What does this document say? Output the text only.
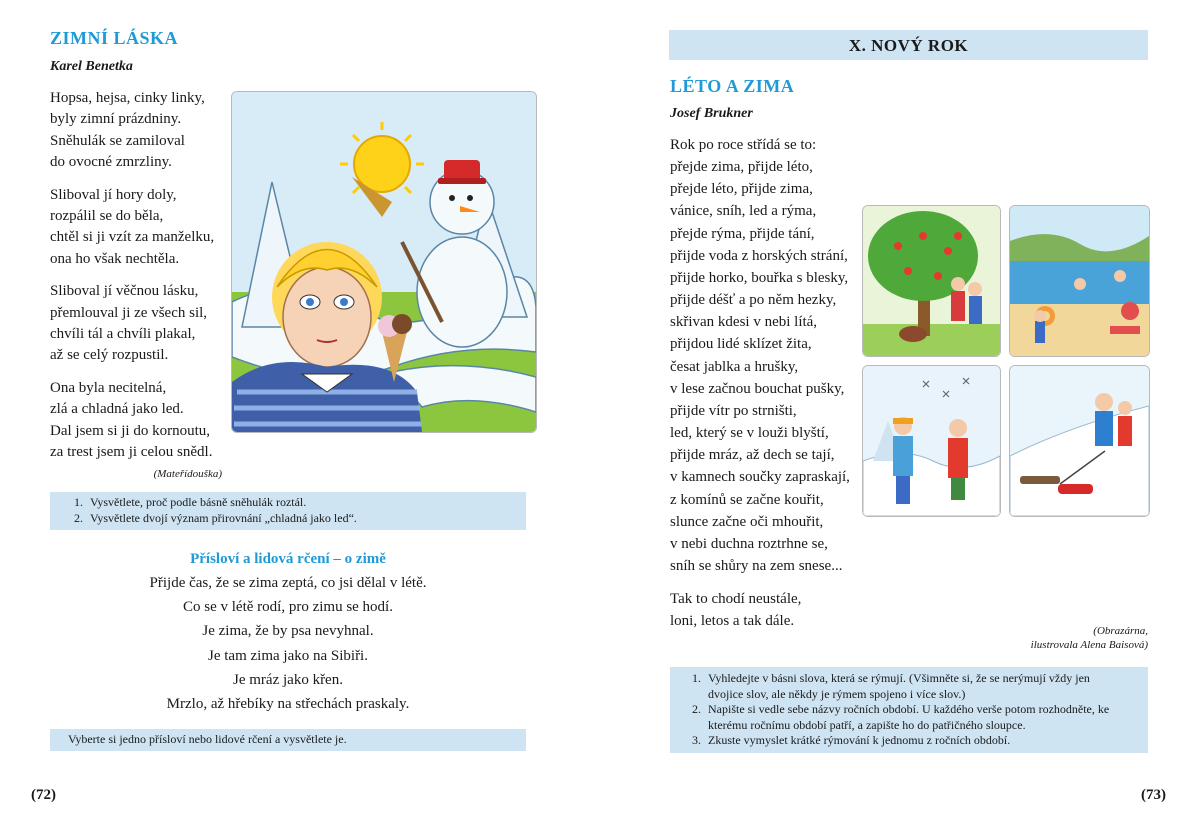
ZIMNÍ LÁSKA
Karel Benetka
Hopsa, hejsa, cinky linky,
byly zimní prázdniny.
Sněhulák se zamiloval
do ovocné zmrzliny.
Sliboval jí hory doly,
rozpálil se do běla,
chtěl si ji vzít za manželku,
ona ho však nechtěla.
Sliboval jí věčnou lásku,
přemlouval ji ze všech sil,
chvíli tál a chvíli plakal,
až se celý rozpustil.
Ona byla necitelná,
zlá a chladná jako led.
Dal jsem si ji do kornoutu,
za trest jsem ji celou snědl.
(Mateřídouška)
1. Vysvětlete, proč podle básně sněhulák roztál.
2. Vysvětlete dvojí význam přirovnání „chladná jako led“.
Přísloví a lidová rčení – o zimě
Přijde čas, že se zima zeptá, co jsi dělal v létě.
Co se v létě rodí, pro zimu se hodí.
Je zima, že by psa nevyhnal.
Je tam zima jako na Sibiři.
Je mráz jako křen.
Mrzlo, až hřebíky na střechách praskaly.
Vyberte si jedno přísloví nebo lidové rčení a vysvětlete je.
(72)
X. NOVÝ ROK
LÉTO A ZIMA
Josef Brukner
Rok po roce střídá se to:
přejde zima, přijde léto,
přejde léto, přijde zima,
vánice, sníh, led a rýma,
přejde rýma, přijde tání,
přijde voda z horských strání,
přijde horko, bouřka s blesky,
přijde déšť a po něm hezky,
skřivan kdesi v nebi lítá,
přijdou lidé sklízet žita,
česat jablka a hrušky,
v lese začnou bouchat pušky,
přijde vítr po strništi,
led, který se v louži blyští,
přijde mráz, až dech se tají,
v kamnech součky zapraskají,
z komínů se začne kouřit,
slunce začne oči mhouřit,
v nebi duchna roztrhne se,
sníh se shůry na zem snese...
Tak to chodí neustále,
loni, letos a tak dále.
(Obrazárna,
ilustrovala Alena Baisová)
1. Vyhledejte v básni slova, která se rýmují. (Všimněte si, že se nerýmují vždy jen dvojice slov, ale někdy je rýmem spojeno i více slov.)
2. Napište si vedle sebe názvy ročních období. U každého verše potom rozhodněte, ke kterému ročnímu období patří, a zapište ho do patřičného sloupce.
3. Zkuste vymyslet krátké rýmování k jednomu z ročních období.
(73)
